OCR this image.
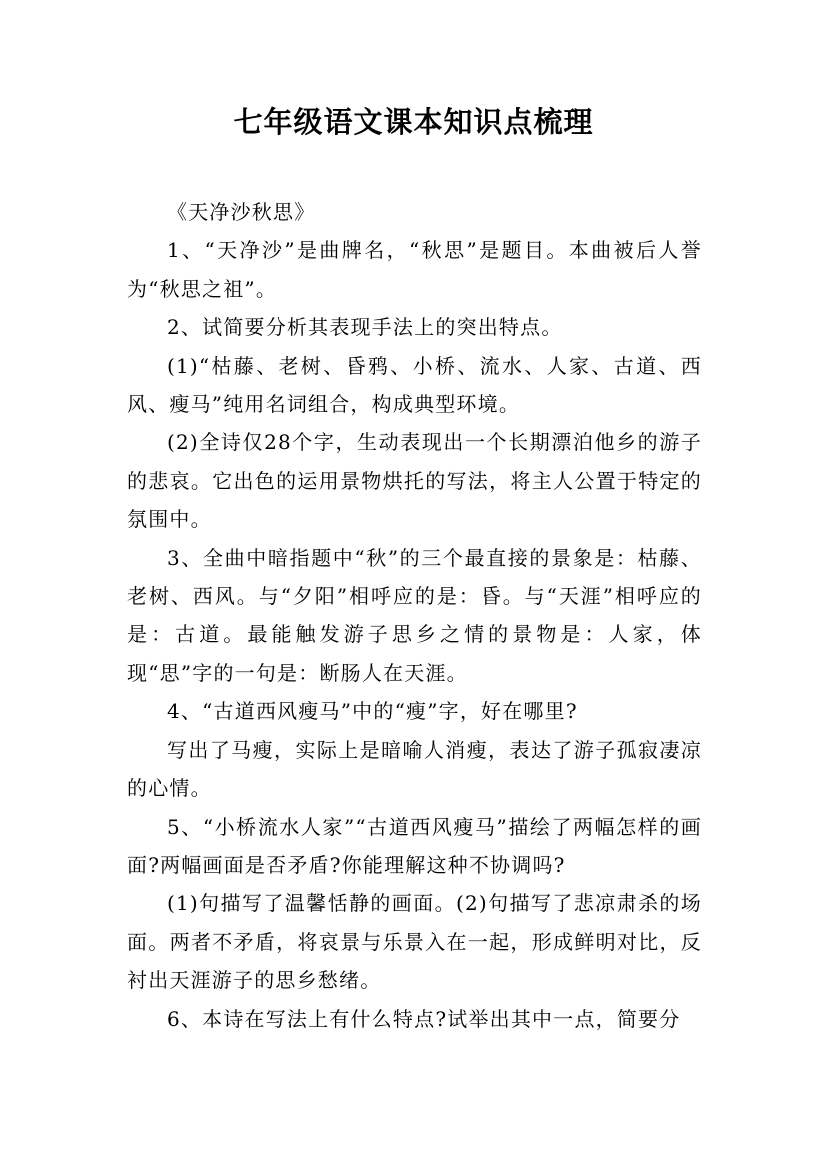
七年级语文课本知识点梳理

《天净沙秋思》

1、“天净沙”是曲牌名，“秋思”是题目。本曲被后人誉为“秋思之祖”。

2、试简要分析其表现手法上的突出特点。

(1)“枯藤、老树、昏鸦、小桥、流水、人家、古道、西风、瘦马”纯用名词组合，构成典型环境。

(2)全诗仅28个字，生动表现出一个长期漂泊他乡的游子的悲哀。它出色的运用景物烘托的写法，将主人公置于特定的氛围中。

3、全曲中暗指题中“秋”的三个最直接的景象是：枯藤、老树、西风。与“夕阳”相呼应的是：昏。与“天涯”相呼应的是：古道。最能触发游子思乡之情的景物是：人家，体现“思”字的一句是：断肠人在天涯。

4、“古道西风瘦马”中的“瘦”字，好在哪里?

写出了马瘦，实际上是暗喻人消瘦，表达了游子孤寂凄凉的心情。

5、“小桥流水人家”“古道西风瘦马”描绘了两幅怎样的画面?两幅画面是否矛盾?你能理解这种不协调吗?

(1)句描写了温馨恬静的画面。(2)句描写了悲凉肃杀的场面。两者不矛盾，将哀景与乐景入在一起，形成鲜明对比，反衬出天涯游子的思乡愁绪。

6、本诗在写法上有什么特点?试举出其中一点，简要分
